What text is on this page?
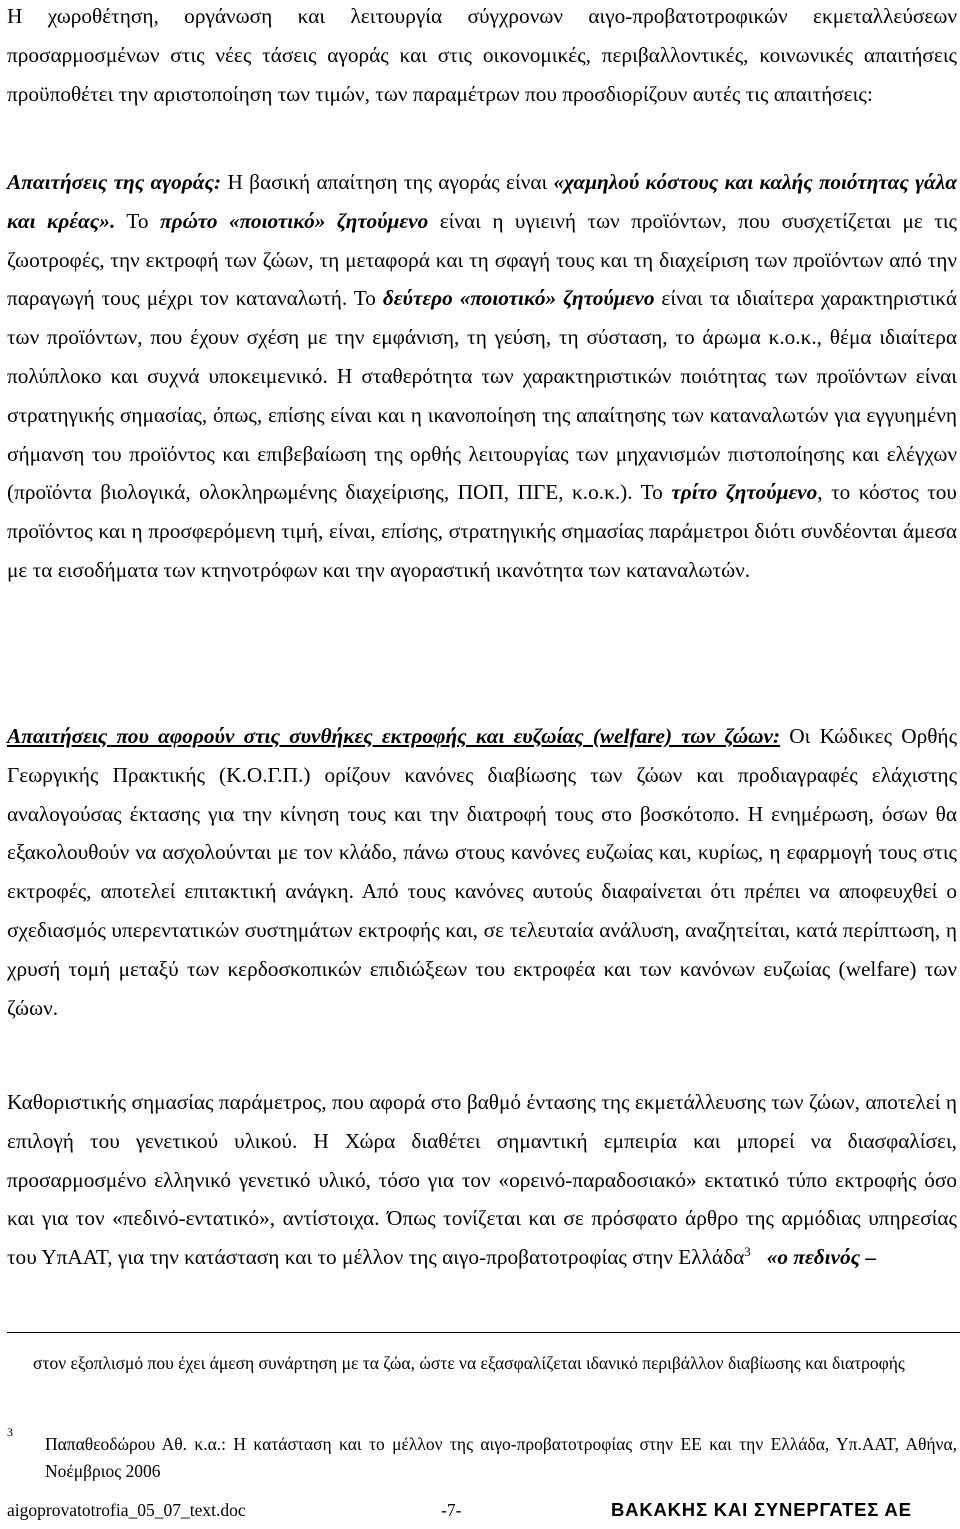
Η χωροθέτηση, οργάνωση και λειτουργία σύγχρονων αιγο-προβατοτροφικών εκμεταλλεύσεων προσαρμοσμένων στις νέες τάσεις αγοράς και στις οικονομικές, περιβαλλοντικές, κοινωνικές απαιτήσεις προϋποθέτει την αριστοποίηση των τιμών, των παραμέτρων που προσδιορίζουν αυτές τις απαιτήσεις:

Απαιτήσεις της αγοράς: Η βασική απαίτηση της αγοράς είναι «χαμηλού κόστους και καλής ποιότητας γάλα και κρέας». Το πρώτο «ποιοτικό» ζητούμενο είναι η υγιεινή των προϊόντων, που συσχετίζεται με τις ζωοτροφές, την εκτροφή των ζώων, τη μεταφορά και τη σφαγή τους και τη διαχείριση των προϊόντων από την παραγωγή τους μέχρι τον καταναλωτή. Το δεύτερο «ποιοτικό» ζητούμενο είναι τα ιδιαίτερα χαρακτηριστικά των προϊόντων, που έχουν σχέση με την εμφάνιση, τη γεύση, τη σύσταση, το άρωμα κ.ο.κ., θέμα ιδιαίτερα πολύπλοκο και συχνά υποκειμενικό. Η σταθερότητα των χαρακτηριστικών ποιότητας των προϊόντων είναι στρατηγικής σημασίας, όπως, επίσης είναι και η ικανοποίηση της απαίτησης των καταναλωτών για εγγυημένη σήμανση του προϊόντος και επιβεβαίωση της ορθής λειτουργίας των μηχανισμών πιστοποίησης και ελέγχων (προϊόντα βιολογικά, ολοκληρωμένης διαχείρισης, ΠΟΠ, ΠΓΕ, κ.ο.κ.). Το τρίτο ζητούμενο, το κόστος του προϊόντος και η προσφερόμενη τιμή, είναι, επίσης, στρατηγικής σημασίας παράμετροι διότι συνδέονται άμεσα με τα εισοδήματα των κτηνοτρόφων και την αγοραστική ικανότητα των καταναλωτών.

Απαιτήσεις που αφορούν στις συνθήκες εκτροφής και ευζωίας (welfare) των ζώων: Οι Κώδικες Ορθής Γεωργικής Πρακτικής (Κ.Ο.Γ.Π.) ορίζουν κανόνες διαβίωσης των ζώων και προδιαγραφές ελάχιστης αναλογούσας έκτασης για την κίνηση τους και την διατροφή τους στο βοσκότοπο. Η ενημέρωση, όσων θα εξακολουθούν να ασχολούνται με τον κλάδο, πάνω στους κανόνες ευζωίας και, κυρίως, η εφαρμογή τους στις εκτροφές, αποτελεί επιτακτική ανάγκη. Από τους κανόνες αυτούς διαφαίνεται ότι πρέπει να αποφευχθεί ο σχεδιασμός υπερεντατικών συστημάτων εκτροφής και, σε τελευταία ανάλυση, αναζητείται, κατά περίπτωση, η χρυσή τομή μεταξύ των κερδοσκοπικών επιδιώξεων του εκτροφέα και των κανόνων ευζωίας (welfare) των ζώων.

Καθοριστικής σημασίας παράμετρος, που αφορά στο βαθμό έντασης της εκμετάλλευσης των ζώων, αποτελεί η επιλογή του γενετικού υλικού. Η Χώρα διαθέτει σημαντική εμπειρία και μπορεί να διασφαλίσει, προσαρμοσμένο ελληνικό γενετικό υλικό, τόσο για τον «ορεινό-παραδοσιακό» εκτατικό τύπο εκτροφής όσο και για τον «πεδινό-εντατικό», αντίστοιχα. Όπως τονίζεται και σε πρόσφατο άρθρο της αρμόδιας υπηρεσίας του ΥπΑΑΤ, για την κατάσταση και το μέλλον της αιγο-προβατοτροφίας στην Ελλάδα$^3$ «ο πεδινός –

στον εξοπλισμό που έχει άμεση συνάρτηση με τα ζώα, ώστε να εξασφαλίζεται ιδανικό περιβάλλον διαβίωσης και διατροφής

3

Παπαθεοδώρου Αθ. κ.α.: Η κατάσταση και το μέλλον της αιγο-προβατοτροφίας στην ΕΕ και την Ελλάδα, Υπ.ΑΑΤ, Αθήνα, Νοέμβριος 2006

aigoprovatotrofia_05_07_text.doc	-7-	ΒΑΚΑΚΗΣ ΚΑΙ ΣΥΝΕΡΓΑΤΕΣ ΑΕ
